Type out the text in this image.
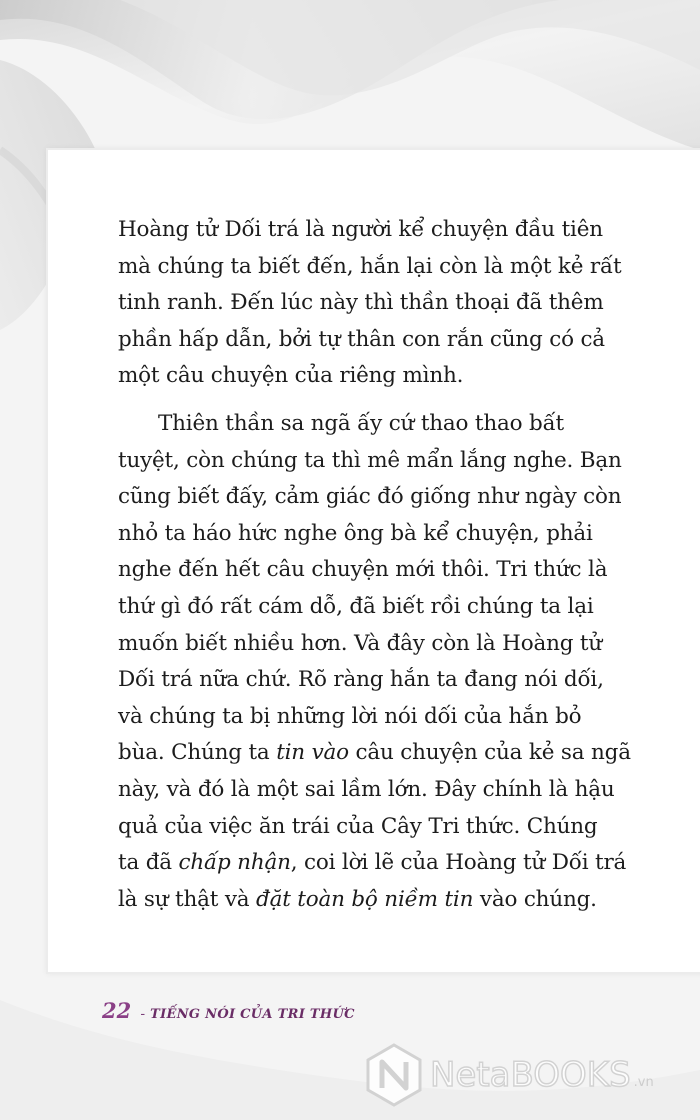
Hoàng tử Dối trá là người kể chuyện đầu tiên
mà chúng ta biết đến, hắn lại còn là một kẻ rất
tinh ranh. Đến lúc này thì thần thoại đã thêm
phần hấp dẫn, bởi tự thân con rắn cũng có cả
một câu chuyện của riêng mình.

Thiên thần sa ngã ấy cứ thao thao bất
tuyệt, còn chúng ta thì mê mẩn lắng nghe. Bạn
cũng biết đấy, cảm giác đó giống như ngày còn
nhỏ ta háo hức nghe ông bà kể chuyện, phải
nghe đến hết câu chuyện mới thôi. Tri thức là
thứ gì đó rất cám dỗ, đã biết rồi chúng ta lại
muốn biết nhiều hơn. Và đây còn là Hoàng tử
Dối trá nữa chứ. Rõ ràng hắn ta đang nói dối,
và chúng ta bị những lời nói dối của hắn bỏ
bùa. Chúng ta tin vào câu chuyện của kẻ sa ngã
này, và đó là một sai lầm lớn. Đây chính là hậu
quả của việc ăn trái của Cây Tri thức. Chúng
ta đã chấp nhận, coi lời lẽ của Hoàng tử Dối trá
là sự thật và đặt toàn bộ niềm tin vào chúng.

22 - TIẾNG NÓI CỦA TRI THỨC
NetaBOOKS .vn
